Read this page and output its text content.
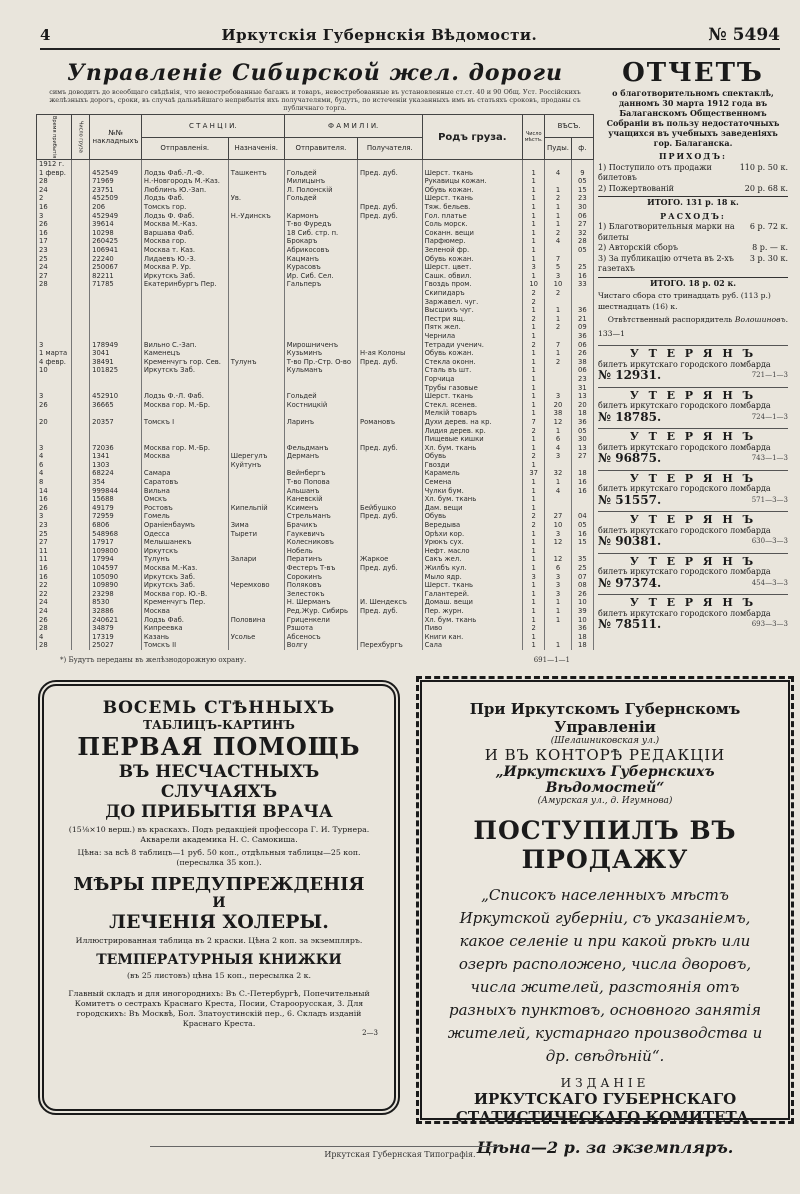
4	Иркутскія Губернскія Вѣдомости.	№ 5494
Управленіе Сибирской жел. дороги
симъ доводитъ до всеобщаго свѣдѣнія, что невостребованные багажъ и товаръ, невостребованные въ установленные ст.ст. 40 и 90 Общ. Уст. Россійскихъ желѣзныхъ дорогъ, сроки, въ случаѣ дальнѣйшаго неприбытія ихъ получателями, будутъ, по истеченіи указанныхъ имъ въ статьяхъ сроковъ, проданы съ публичнаго торга.
Время прибытія	Число груза	№№ накладныхъ	С Т А Н Ц І И.		Ф А М И Л І И.		Родъ груза.	Число мѣстъ.	ВѢСЪ.	
			Отправленія.	Назначенія.	Отправителя.	Получателя.			Пуды.	ф.
1912 г.										
1 февр.		452549	Лодзь Фаб.-Л.-Ф.	Ташкентъ	Гольдей	Пред. дуб.	Шерст. ткань	1	4	9
28		71969	Н.-Новгородъ М.-Каз.		Милицынъ		Рукавицы кожан.	1		05
24		23751	Люблинъ Ю.-Зап.		Л. Полонскій		Обувь кожан.	1	1	15
2		452509	Лодзь Фаб.	Ув.	Гольдей		Шерст. ткань	1	2	23
16		206	Томскъ гор.			Пред. дуб.	Тяж. бельев.	1	1	30
3		452949	Лодзь Ф. Фаб.	Н.-Удинскъ	Кармонъ	Пред. дуб.	Гол. платье	1	1	06
26		39614	Москва М.-Каз.		Т-во Фуредъ		Соль морск.	1	1	27
16		10298	Варшава Фаб.		18 Сиб. стр. п.		Соканн. вещи	1	2	32
17		260425	Москва гор.		Брокаръ		Парфюмер.	1	4	28
23		106941	Москва т. Каз.		Абрикосовъ		Зеленой фр.	1		05
25		22240	Лидаевъ Ю.-З.		Кацманъ		Обувь кожан.	1	7	
24		250067	Москва Р. Ур.		Курасовъ		Шерст. цвет.	3	5	25
27		82211	Иркутскъ Заб.		Ир. Сиб. Сел.		Сашк. обвил.	1	3	16
28		71785	Екатеринбургъ Пер.		Гальперъ		Гвоздь пром.	10	10	33
							Скипидаръ	2	2	
							Заржавел. чуг.	2		
							Высшихъ чуг.	1	1	36
							Пестри ящ.	2	1	21
							Пятк жел.	1	2	09
							Чернила	1		36
3		178949	Вильно С.-Зап.		Мирошниченъ		Тетради ученич.	2	7	06
1 марта		3041	Каменецъ		Кузьминъ	Н-ая Колоны	Обувь кожан.	1	1	26
4 февр.		38491	Кременчугъ гор. Сев.	Тулунъ	Т-во Пр.-Стр. О-во	Пред. дуб.	Стекла оконн.	1	2	38
10		101825	Иркутскъ Заб.		Кульманъ		Сталь въ шт.	1		06
							Горчица	1		23
							Трубы газовые	1		31
3		452910	Лодзь Ф.-Л. Фаб.		Гольдей		Шерст. ткань	1	3	13
26		36665	Москва гор. М.-Бр.		Костницкій		Стекл. ясенев.	1	20	20
							Мелкій товаръ	1	38	18
20		20357	Томскъ I		Ларинъ	Романовъ	Духи дерев. на кр.	7	12	36
							Лидия дерев. кр.	2	1	05
							Пищевые кишки	1	6	30
3		72036	Москва гор. М.-Бр.		Фельдманъ	Пред. дуб.	Хл. бум. ткань	1	4	13
4		1341	Москва	Шерегулъ	Дерманъ		Обувь	2	3	27
6		1303		Куйтунъ			Гвозди	1		
4		68224	Самара		Вейнбергъ		Карамель	37	32	18
8		354	Саратовъ		Т-во Попова		Семена	1	1	16
14		999844	Вильна		Альшанъ		Чулки бум.	1	4	16
16		15688	Омскъ		Каневскій		Хл. бум. ткань	1		
26		49179	Ростовъ	Кипельпій	Ксименъ	Бейбушко	Дам. вещи	1		
3		72959	Гомель		Стрельманъ	Пред. дуб.	Обувь	2	27	04
23		6806	Ораніенбаумъ	Зима	Брачикъ		Вередыва	2	10	05
25		548968	Одесса	Тырети	Гаукевичъ		Орѣхи кор.	1	3	16
27		17917	Мелышанекъ		Колесниковъ		Урюкъ сух.	1	12	15
11		109800	Иркутскъ		Нобель		Нефт. масло	1		
11		17994	Тулунъ	Залари	Ператинъ	Жаркое	Сакъ жел.	1	12	35
16		104597	Москва М.-Каз.		Фестеръ Т-въ	Пред. дуб.	Жилбъ кул.	1	6	25
16		105090	Иркутскъ Заб.		Сорокинъ		Мыло ядр.	3	3	07
22		109890	Иркутскъ Заб.	Черемхово	Поляковъ		Шерст. ткань	1	3	08
22		23298	Москва гор. Ю.-В.		Зелестокъ		Галантерей.	1	3	26
24		8530	Кременчугъ Пер.		Н. Шерманъ	И. Шендексъ	Домаш. вещи	1	1	10
24		32886	Москва		Ред.Жур. Сибирь	Пред. дуб.	Пер. журн.	1	1	39
26		240621	Лодзь Фаб.	Половина	Гриценкели		Хл. бум. ткань	1	1	10
28		34879	Кипреевка		Рзшота		Пиво	2		36
4		17319	Казань	Усолье	Абсеносъ		Книги кан.	1		18
28		25027	Томскъ II		Волгу	Перехбургъ	Сала	1	1	18
*) Будутъ переданы въ желѣзнодорожную охрану.	691—1—1
ОТЧЕТЪ
о благотворительномъ спектаклѣ, данномъ 30 марта 1912 года въ Балаганскомъ Общественномъ Собраніи въ пользу недостаточныхъ учащихся въ учебныхъ заведеніяхъ гор. Балаганска.
ПРИХОДЪ:
1) Поступило отъ продажи билетовъ
110 р. 50 к.
2) Пожертвованій	20 р. 68 к.
ИТОГО. 131 р. 18 к.
РАСХОДЪ:
1) Благотворительныя марки на билеты
6 р. 72 к.
2) Авторскій сборъ	8 р. — к.
3) За публикацію отчета въ 2-хъ газетахъ
3 р. 30 к.
ИТОГО. 18 р. 02 к.
Чистаго сбора сто тринадцать руб. (113 р.) шестнадцать (16) к.
Отвѣтственный распорядитель Волошиновъ.
133—1
У Т Е Р Я Н Ъ
билетъ иркутскаго городского ломбарда
№ 12931.	721—1—3
У Т Е Р Я Н Ъ
билетъ иркутскаго городского ломбарда
№ 18785.	724—1—3
У Т Е Р Я Н Ъ
билетъ иркутскаго городского ломбарда
№ 96875.	743—1—3
У Т Е Р Я Н Ъ
билетъ иркутскаго городского ломбарда
№ 51557.	571—3—3
У Т Е Р Я Н Ъ
билетъ иркутскаго городского ломбарда
№ 90381.	630—3—3
У Т Е Р Я Н Ъ
билетъ иркутскаго городского ломбарда
№ 97374.	454—3—3
У Т Е Р Я Н Ъ
билетъ иркутскаго городского ломбарда
№ 78511.	693—3—3
ВОСЕМЬ СТѢННЫХЪ
ТАБЛИЦЪ-КАРТИНЪ
ПЕРВАЯ ПОМОЩЬ
ВЪ НЕСЧАСТНЫХЪ СЛУЧАЯХЪ
ДО ПРИБЫТІЯ ВРАЧА
(15⅛×10 верш.) въ краскахъ. Подъ редакціей профессора Г. И. Турнера. Акварели академика Н. С. Самокиша.
Цѣна: за всѣ 8 таблицъ—1 руб. 50 коп., отдѣльныя таблицы—25 коп. (пересылка 35 коп.).
МѢРЫ ПРЕДУПРЕЖДЕНІЯ
И
ЛЕЧЕНІЯ ХОЛЕРЫ.
Иллюстрированная таблица въ 2 краски. Цѣна 2 коп. за экземпляръ.
ТЕМПЕРАТУРНЫЯ КНИЖКИ
(въ 25 листовъ) цѣна 15 коп., пересылка 2 к.
Главный складъ и для иногороднихъ: Въ С.-Петербургѣ, Попечительный Комитетъ о сестрахъ Краснаго Креста, Посии, Староорусская, 3. Для городскихъ: Въ Москвѣ, Бол. Златоустинскій пер., 6. Складъ изданій Краснаго Креста.
2—3
При Иркутскомъ Губернскомъ Управленіи
(Шелашниковская ул.)
И ВЪ КОНТОРѢ РЕДАКЦІИ
„Иркутскихъ Губернскихъ Вѣдомостей“
(Амурская ул., д. Игумнова)
ПОСТУПИЛЪ ВЪ ПРОДАЖУ
„Списокъ населенныхъ мѣстъ Иркутской губерніи, съ указаніемъ, какое селеніе и при какой рѣкѣ или озерѣ расположено, числа дворовъ, числа жителей, разстоянія отъ разныхъ пунктовъ, основного занятія жителей, кустарнаго производства и др. свѣдѣній“.
ИЗДАНІЕ
ИРКУТСКАГО ГУБЕРНСКАГО СТАТИСТИЧЕСКАГО КОМИТЕТА.
Цѣна—2 р. за экземпляръ.
Иркутская Губернская Типографія.
